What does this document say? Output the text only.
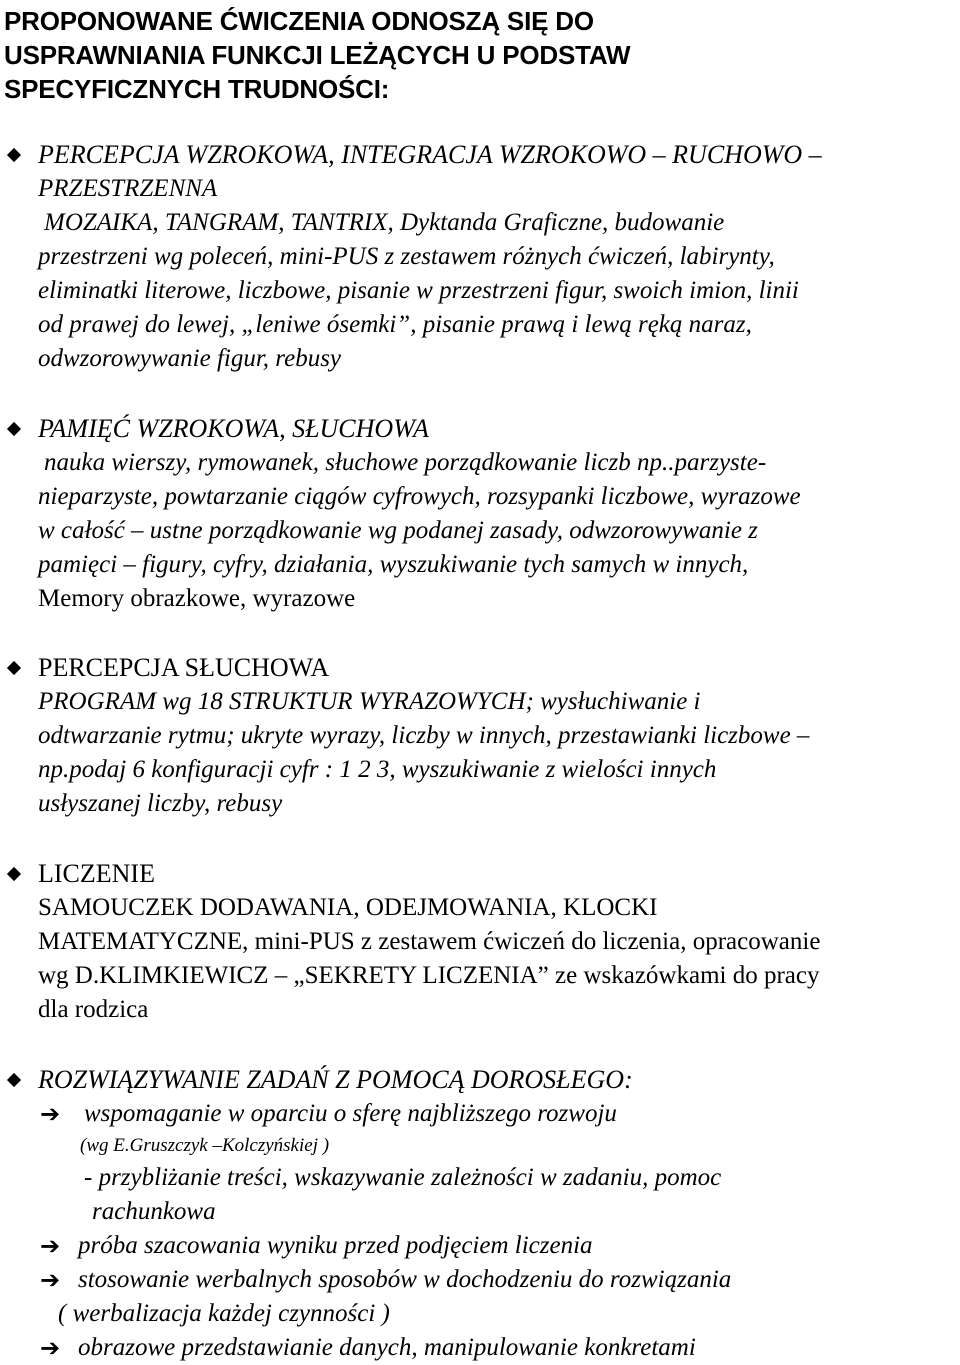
PROPONOWANE ĆWICZENIA ODNOSZĄ SIĘ DO
USPRAWNIANIA FUNKCJI LEŻĄCYCH U PODSTAW
SPECYFICZNYCH TRUDNOŚCI:
PERCEPCJA WZROKOWA, INTEGRACJA WZROKOWO – RUCHOWO –
PRZESTRZENNA
MOZAIKA, TANGRAM, TANTRIX, Dyktanda Graficzne, budowanie
przestrzeni wg poleceń, mini-PUS z zestawem różnych ćwiczeń, labirynty,
eliminatki literowe, liczbowe, pisanie w przestrzeni figur, swoich imion, linii
od prawej do lewej, „leniwe ósemki”, pisanie prawą i lewą ręką naraz,
odwzorowywanie figur, rebusy
PAMIĘĆ WZROKOWA, SŁUCHOWA
nauka wierszy, rymowanek, słuchowe porządkowanie liczb np..parzyste-
nieparzyste, powtarzanie ciągów cyfrowych, rozsypanki liczbowe, wyrazowe
w całość – ustne porządkowanie wg podanej zasady, odwzorowywanie z
pamięci – figury, cyfry, działania, wyszukiwanie tych samych w innych,
Memory obrazkowe, wyrazowe
PERCEPCJA SŁUCHOWA
PROGRAM wg 18 STRUKTUR WYRAZOWYCH; wysłuchiwanie i
odtwarzanie rytmu; ukryte wyrazy, liczby w innych, przestawianki liczbowe –
np.podaj 6 konfiguracji cyfr : 1 2 3, wyszukiwanie z wielości innych
usłyszanej liczby, rebusy
LICZENIE
SAMOUCZEK DODAWANIA, ODEJMOWANIA, KLOCKI
MATEMATYCZNE, mini-PUS z zestawem ćwiczeń do liczenia, opracowanie
wg D.KLIMKIEWICZ – „SEKRETY LICZENIA” ze wskazówkami do pracy
dla rodzica
ROZWIĄZYWANIE ZADAŃ Z POMOCĄ DOROSŁEGO:
➔ wspomaganie w oparciu o sferę najbliższego rozwoju
(wg E.Gruszczyk –Kolczyńskiej )
- przybliżanie treści, wskazywanie zależności w zadaniu, pomoc
rachunkowa
➔ próba szacowania wyniku przed podjęciem liczenia
➔ stosowanie werbalnych sposobów w dochodzeniu do rozwiązania
( werbalizacja każdej czynności )
➔ obrazowe przedstawianie danych, manipulowanie konkretami
